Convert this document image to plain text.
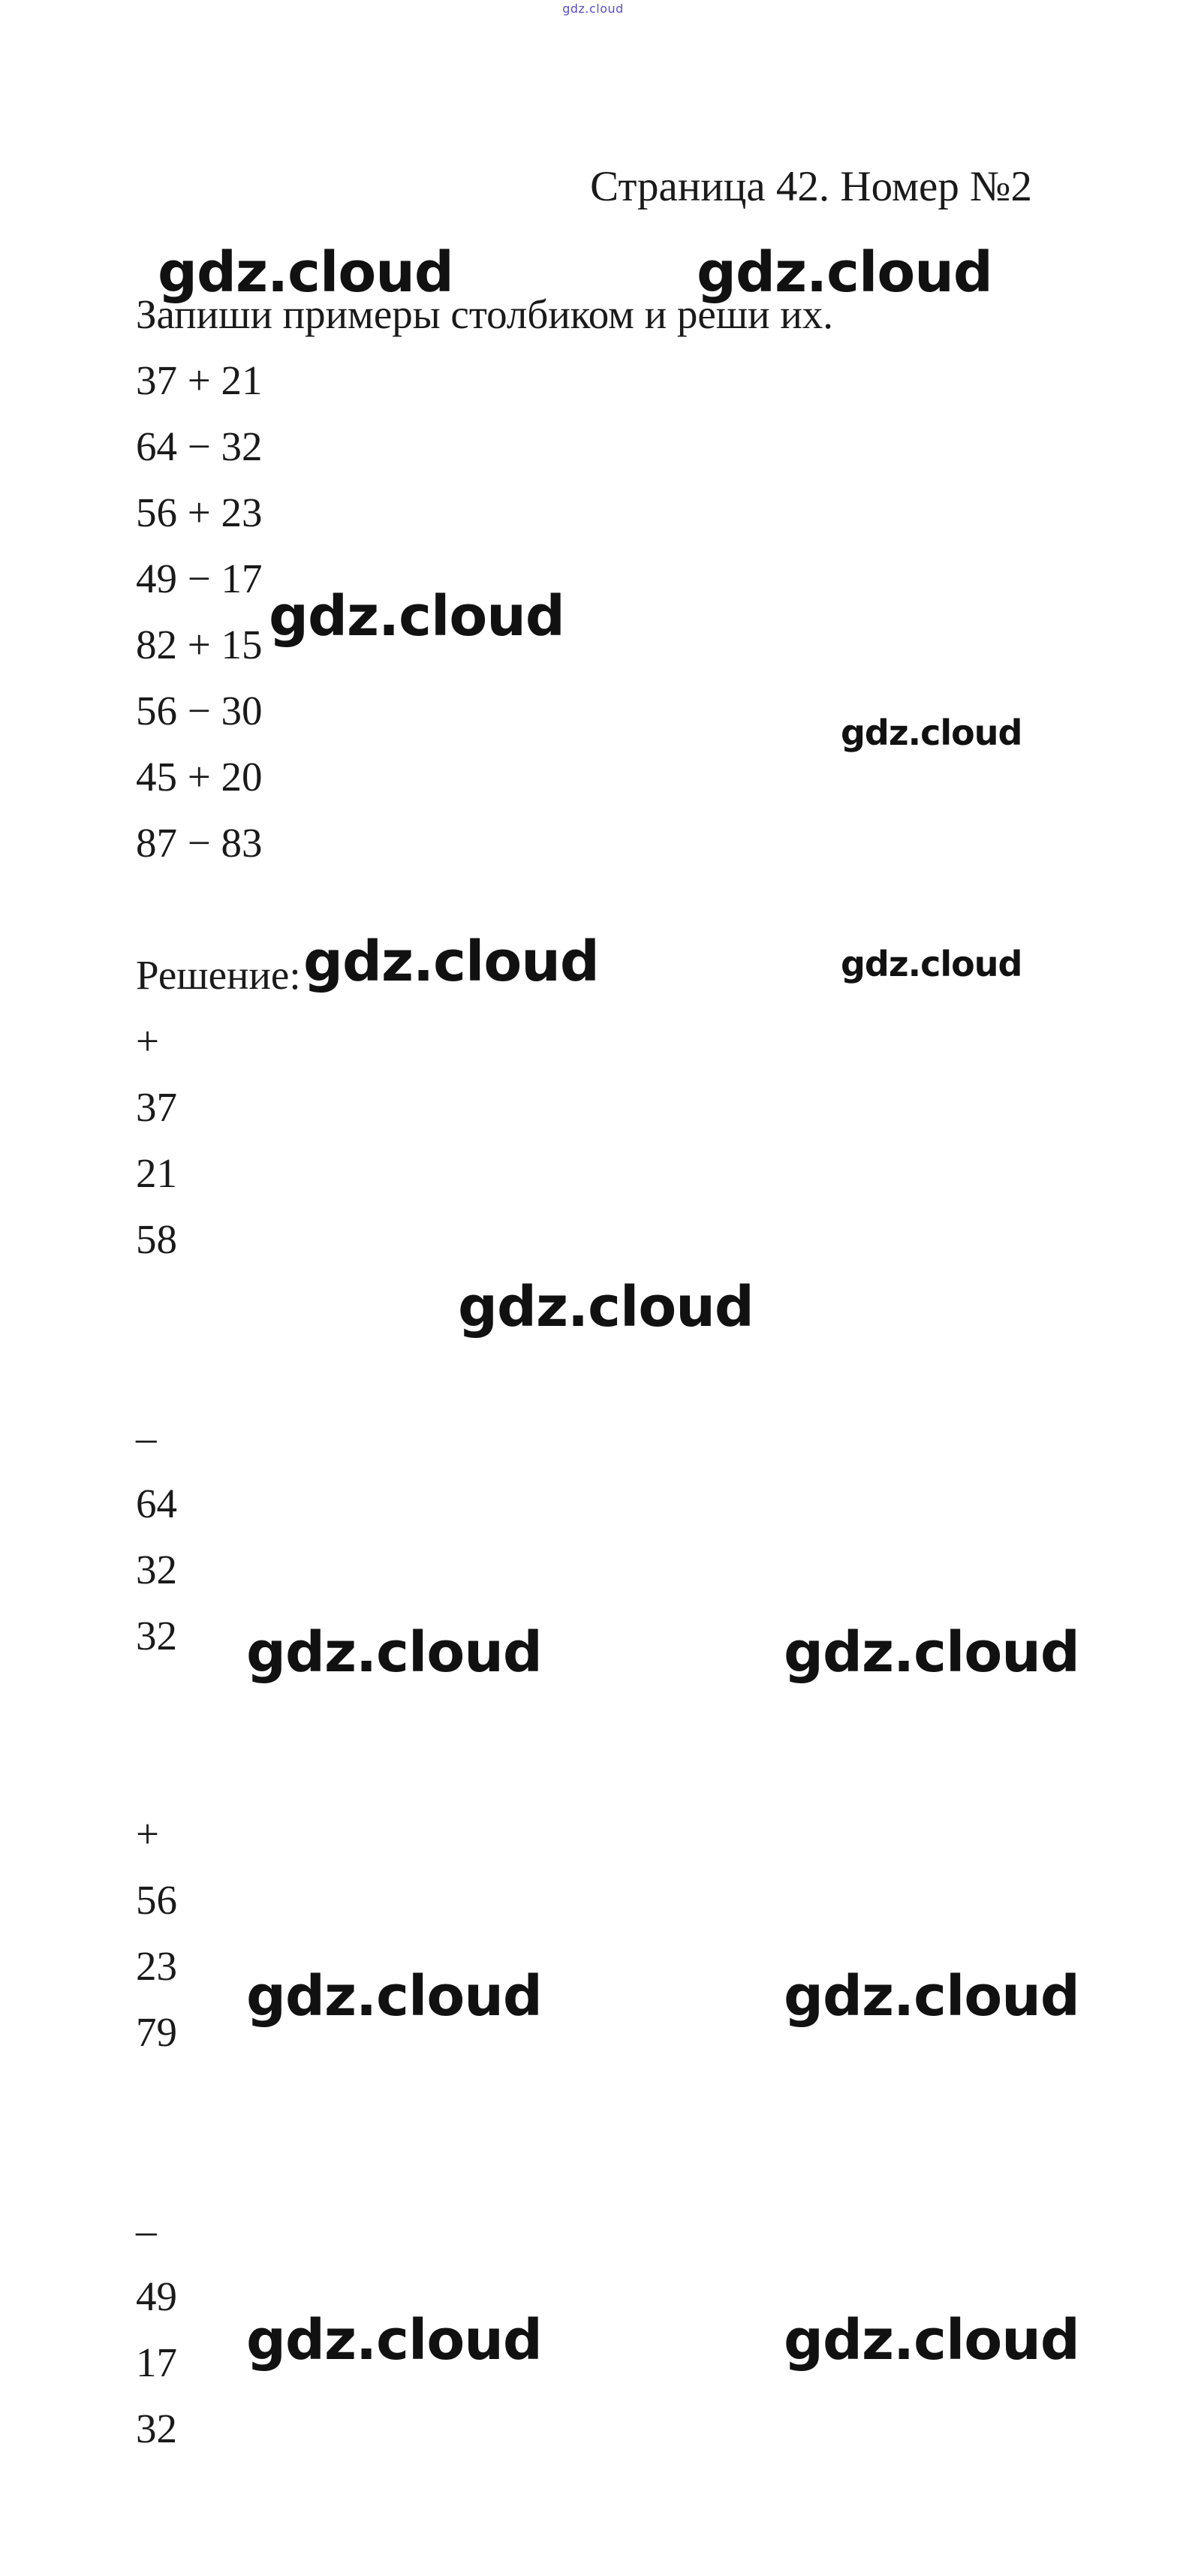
gdz.cloud
Страница 42. Номер №2
Запиши примеры столбиком и реши их.
37 + 21
64 − 32
56 + 23
49 − 17
82 + 15
56 − 30
45 + 20
87 − 83
Решение:
+
37
21
58
–
64
32
32
+
56
23
79
–
49
17
32
gdz.cloud	gdz.cloud
gdz.cloud
gdz.cloud
gdz.cloud	gdz.cloud
gdz.cloud
gdz.cloud	gdz.cloud
gdz.cloud	gdz.cloud
gdz.cloud	gdz.cloud
